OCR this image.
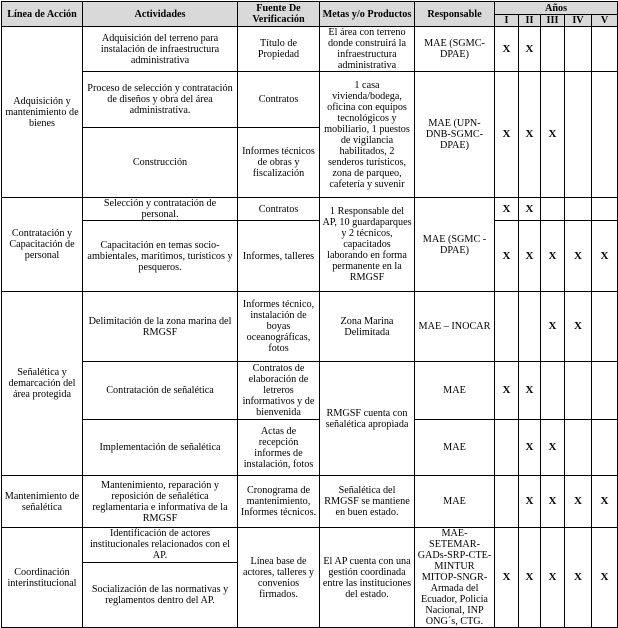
Línea de Acción	Actividades	Fuente De Verificación	Metas y/o Productos	Responsable	Años				
					I	II	III	IV	V
Adquisición y mantenimiento de bienes	Adquisición del terreno para instalación de infraestructura administrativa	Título de Propiedad	El área con terreno donde construirá la infraestructura administrativa	MAE (SGMC-DPAE)	X	X			
	Proceso de selección y contratación de diseños y obra del área administrativa.	Contratos	1 casa vivienda/bodega, oficina con equipos tecnológicos y mobiliario, 1 puestos de vigilancia habilitados, 2 senderos turísticos, zona de parqueo, cafetería y suvenir	MAE (UPN-DNB-SGMC-DPAE)	X	X	X		
	Construcción	Informes técnicos de obras y fiscalización							
Contratación y Capacitación de personal	Selección y contratación de personal.	Contratos	1 Responsable del AP, 10 guardaparques y 2 técnicos, capacitados laborando en forma permanente en la RMGSF	MAE (SGMC - DPAE)	X	X			
	Capacitación en temas socio-ambientales, marítimos, turísticos y pesqueros.	Informes, talleres			X	X	X	X	X
Señalética y demarcación del área protegida	Delimitación de la zona marina del RMGSF	Informes técnico, instalación de boyas oceanográficas, fotos	Zona Marina Delimitada	MAE – INOCAR			X	X	
	Contratación de señalética	Contratos de elaboración de letreros informativos y de bienvenida	RMGSF cuenta con señalética apropiada	MAE	X	X			
	Implementación de señalética	Actas de recepción informes de instalación, fotos		MAE		X	X		
Mantenimiento de señalética	Mantenimiento, reparación y reposición de señalética reglamentaria e informativa de la RMGSF	Cronograma de mantenimiento, Informes técnicos.	Señalética del RMGSF se mantiene en buen estado.	MAE		X	X	X	X
Coordinación interinstitucional	Identificación de actores institucionales relacionados con el AP.	Línea base de actores, talleres y convenios firmados.	El AP cuenta con una gestión coordinada entre las instituciones del estado.	MAE-SETEMAR-GADs-SRP-CTE-MINTUR MITOP-SNGR-Armada del Ecuador, Policía Nacional, INP ONG´s, CTG.	X	X	X	X	X
	Socialización de las normativas y reglamentos dentro del AP.								
